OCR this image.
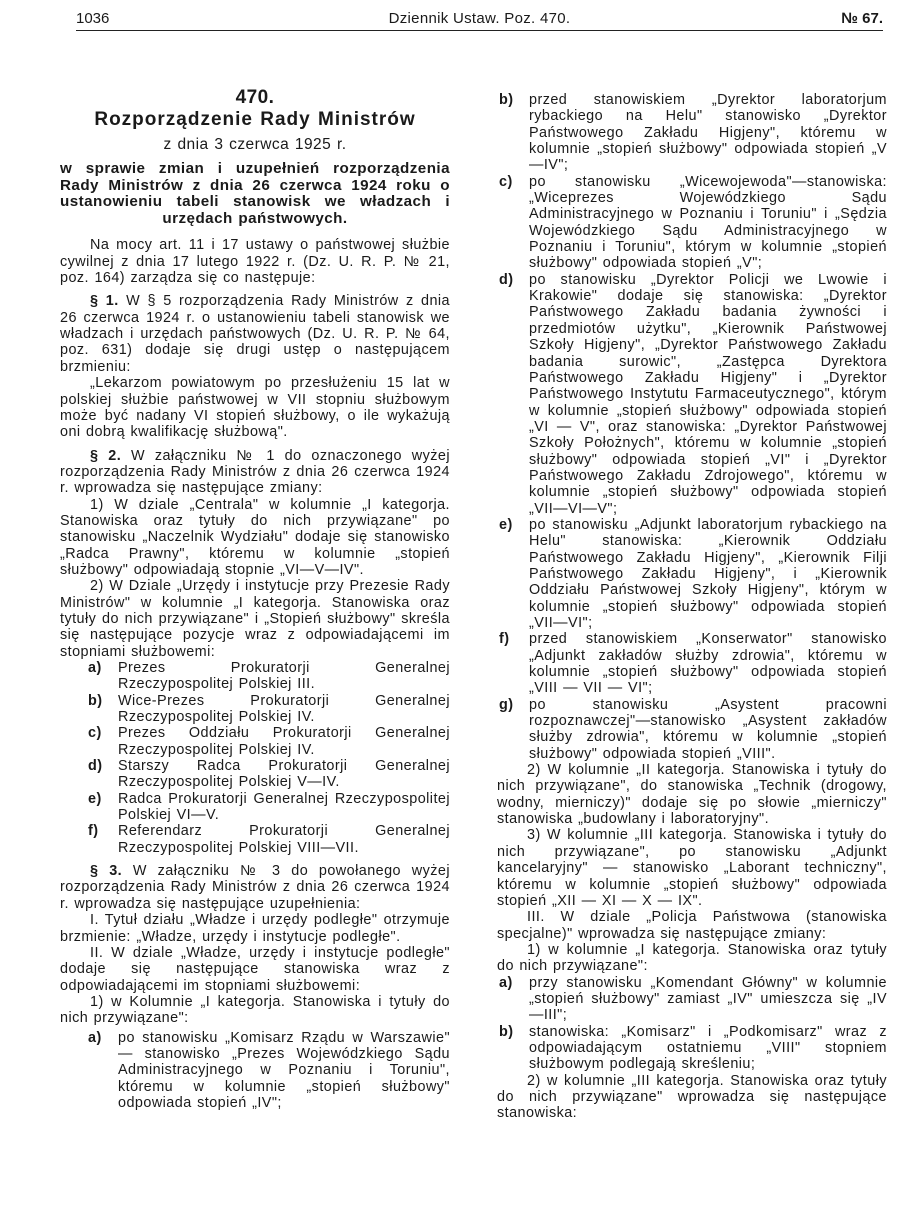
1036	Dziennik Ustaw. Poz. 470.	№ 67.

470.

Rozporządzenie Rady Ministrów

z dnia 3 czerwca 1925 r.

w sprawie zmian i uzupełnień rozporządzenia Rady Ministrów z dnia 26 czerwca 1924 roku o ustanowieniu tabeli stanowisk we władzach i urzędach państwowych.

Na mocy art. 11 i 17 ustawy o państwowej służbie cywilnej z dnia 17 lutego 1922 r. (Dz. U. R. P. № 21, poz. 164) zarządza się co następuje:

§ 1. W § 5 rozporządzenia Rady Ministrów z dnia 26 czerwca 1924 r. o ustanowieniu tabeli stanowisk we władzach i urzędach państwowych (Dz. U. R. P. № 64, poz. 631) dodaje się drugi ustęp o następującem brzmieniu:

„Lekarzom powiatowym po przesłużeniu 15 lat w polskiej służbie państwowej w VII stopniu służbowym może być nadany VI stopień służbowy, o ile wykażują oni dobrą kwalifikację służbową".

§ 2. W załączniku № 1 do oznaczonego wyżej rozporządzenia Rady Ministrów z dnia 26 czerwca 1924 r. wprowadza się następujące zmiany:

1) W dziale „Centrala" w kolumnie „I kategorja. Stanowiska oraz tytuły do nich przywiązane" po stanowisku „Naczelnik Wydziału" dodaje się stanowisko „Radca Prawny", któremu w kolumnie „stopień służbowy" odpowiadają stopnie „VI—V—IV".

2) W Dziale „Urzędy i instytucje przy Prezesie Rady Ministrów" w kolumnie „I kategorja. Stanowiska oraz tytuły do nich przywiązane" i „Stopień służbowy" skreśla się następujące pozycje wraz z odpowiadającemi im stopniami służbowemi:

a) Prezes Prokuratorji Generalnej Rzeczypospolitej Polskiej III.

b) Wice-Prezes Prokuratorji Generalnej Rzeczypospolitej Polskiej IV.

c) Prezes Oddziału Prokuratorji Generalnej Rzeczypospolitej Polskiej IV.

d) Starszy Radca Prokuratorji Generalnej Rzeczypospolitej Polskiej V—IV.

e) Radca Prokuratorji Generalnej Rzeczypospolitej Polskiej VI—V.

f) Referendarz Prokuratorji Generalnej Rzeczypospolitej Polskiej VIII—VII.

§ 3. W załączniku № 3 do powołanego wyżej rozporządzenia Rady Ministrów z dnia 26 czerwca 1924 r. wprowadza się następujące uzupełnienia:

I. Tytuł działu „Władze i urzędy podległe" otrzymuje brzmienie: „Władze, urzędy i instytucje podległe".

II. W dziale „Władze, urzędy i instytucje podległe" dodaje się następujące stanowiska wraz z odpowiadającemi im stopniami służbowemi:

1) w Kolumnie „I kategorja. Stanowiska i tytuły do nich przywiązane":

a) po stanowisku „Komisarz Rządu w Warszawie" — stanowisko „Prezes Wojewódzkiego Sądu Administracyjnego w Poznaniu i Toruniu", któremu w kolumnie „stopień służbowy" odpowiada stopień „IV";

b) przed stanowiskiem „Dyrektor laboratorjum rybackiego na Helu" stanowisko „Dyrektor Państwowego Zakładu Higjeny", któremu w kolumnie „stopień służbowy" odpowiada stopień „V—IV";

c) po stanowisku „Wicewojewoda"—stanowiska: „Wiceprezes Wojewódzkiego Sądu Administracyjnego w Poznaniu i Toruniu" i „Sędzia Wojewódzkiego Sądu Administracyjnego w Poznaniu i Toruniu", którym w kolumnie „stopień służbowy" odpowiada stopień „V";

d) po stanowisku „Dyrektor Policji we Lwowie i Krakowie" dodaje się stanowiska: „Dyrektor Państwowego Zakładu badania żywności i przedmiotów użytku", „Kierownik Państwowej Szkoły Higjeny", „Dyrektor Państwowego Zakładu badania surowic", „Zastępca Dyrektora Państwowego Zakładu Higjeny" i „Dyrektor Państwowego Instytutu Farmaceutycznego", którym w kolumnie „stopień służbowy" odpowiada stopień „VI — V", oraz stanowiska: „Dyrektor Państwowej Szkoły Położnych", któremu w kolumnie „stopień służbowy" odpowiada stopień „VI" i „Dyrektor Państwowego Zakładu Zdrojowego", któremu w kolumnie „stopień służbowy" odpowiada stopień „VII—VI—V";

e) po stanowisku „Adjunkt laboratorjum rybackiego na Helu" stanowiska: „Kierownik Oddziału Państwowego Zakładu Higjeny", „Kierownik Filji Państwowego Zakładu Higjeny", i „Kierownik Oddziału Państwowej Szkoły Higjeny", którym w kolumnie „stopień służbowy" odpowiada stopień „VII—VI";

f) przed stanowiskiem „Konserwator" stanowisko „Adjunkt zakładów służby zdrowia", któremu w kolumnie „stopień służbowy" odpowiada stopień „VIII — VII — VI";

g) po stanowisku „Asystent pracowni rozpoznawczej"—stanowisko „Asystent zakładów służby zdrowia", któremu w kolumnie „stopień służbowy" odpowiada stopień „VIII".

2) W kolumnie „II kategorja. Stanowiska i tytuły do nich przywiązane", do stanowiska „Technik (drogowy, wodny, mierniczy)" dodaje się po słowie „mierniczy" stanowiska „budowlany i laboratoryjny".

3) W kolumnie „III kategorja. Stanowiska i tytuły do nich przywiązane", po stanowisku „Adjunkt kancelaryjny" — stanowisko „Laborant techniczny", któremu w kolumnie „stopień służbowy" odpowiada stopień „XII — XI — X — IX".

III. W dziale „Policja Państwowa (stanowiska specjalne)" wprowadza się następujące zmiany:

1) w kolumnie „I kategorja. Stanowiska oraz tytuły do nich przywiązane":

a) przy stanowisku „Komendant Główny" w kolumnie „stopień służbowy" zamiast „IV" umieszcza się „IV—III";

b) stanowiska: „Komisarz" i „Podkomisarz" wraz z odpowiadającym ostatniemu „VIII" stopniem służbowym podlegają skreśleniu;

2) w kolumnie „III kategorja. Stanowiska oraz tytuły do nich przywiązane" wprowadza się następujące stanowiska:
